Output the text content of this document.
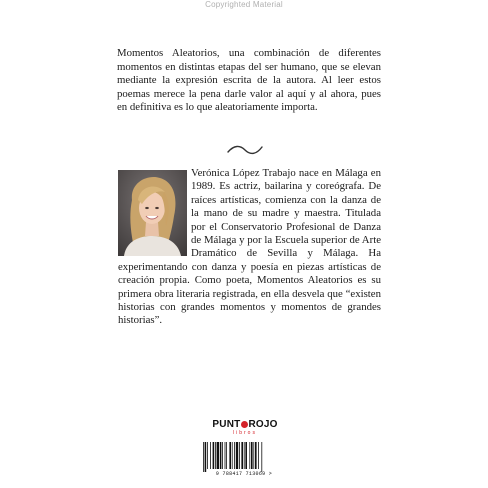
Copyrighted Material
Momentos Aleatorios, una combinación de diferentes momentos en distintas etapas del ser humano, que se elevan mediante la expresión escrita de la autora. Al leer estos poemas merece la pena darle valor al aquí y al ahora, pues en definitiva es lo que aleatoriamente importa.
Verónica López Trabajo nace en Málaga en 1989. Es actriz, bailarina y coreógrafa. De raíces artísticas, comienza con la danza de la mano de su madre y maestra. Titulada por el Conservatorio Profesional de Danza de Málaga y por la Escuela superior de Arte Dramático de Sevilla y Málaga. Ha experimentando con danza y poesía en piezas artísticas de creación propia. Como poeta, Momentos Aleatorios es su primera obra literaria registrada, en ella desvela que “existen historias con grandes momentos y momentos de grandes historias”.
PUNT ROJO
libros
9 788417 713069 >
